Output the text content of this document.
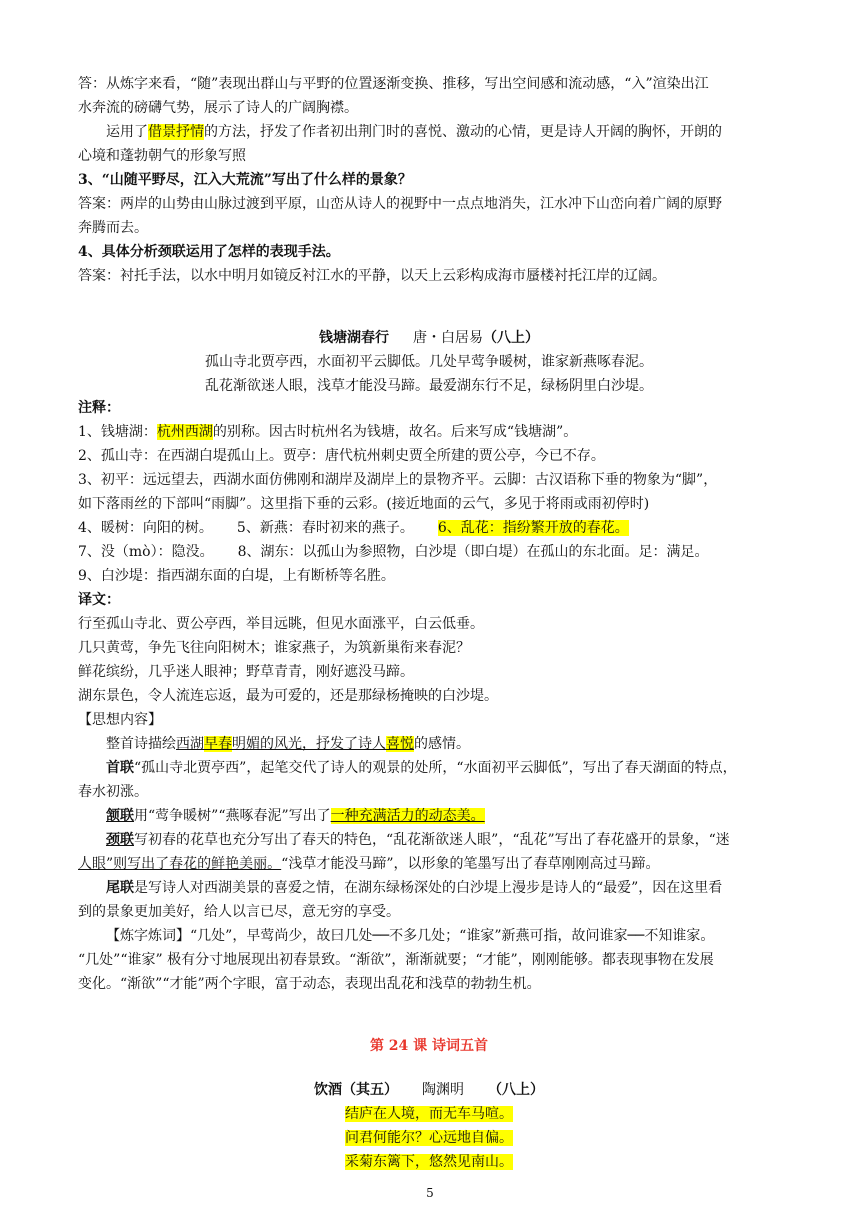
答：从炼字来看，“随”表现出群山与平野的位置逐渐变换、推移，写出空间感和流动感，“入”渲染出江

水奔流的磅礴气势，展示了诗人的广阔胸襟。

运用了借景抒情的方法，抒发了作者初出荆门时的喜悦、激动的心情，更是诗人开阔的胸怀，开朗的

心境和蓬勃朝气的形象写照

3、“山随平野尽，江入大荒流”写出了什么样的景象？

答案：两岸的山势由山脉过渡到平原，山峦从诗人的视野中一点点地消失，江水冲下山峦向着广阔的原野

奔腾而去。

4、具体分析颈联运用了怎样的表现手法。

答案：衬托手法，以水中明月如镜反衬江水的平静，以天上云彩构成海市蜃楼衬托江岸的辽阔。

钱塘湖春行 唐・白居易（八上）

孤山寺北贾亭西，水面初平云脚低。几处早莺争暖树，谁家新燕啄春泥。

乱花渐欲迷人眼，浅草才能没马蹄。最爱湖东行不足，绿杨阴里白沙堤。

注释：

1、钱塘湖：杭州西湖的别称。因古时杭州名为钱塘，故名。后来写成“钱塘湖”。

2、孤山寺：在西湖白堤孤山上。贾亭：唐代杭州刺史贾全所建的贾公亭，今已不存。

3、初平：远远望去，西湖水面仿佛刚和湖岸及湖岸上的景物齐平。云脚：古汉语称下垂的物象为“脚”，

如下落雨丝的下部叫“雨脚”。这里指下垂的云彩。(接近地面的云气，多见于将雨或雨初停时)

4、暖树：向阳的树。 5、新燕：春时初来的燕子。 6、乱花：指纷繁开放的春花。

7、没（mò）：隐没。 8、湖东：以孤山为参照物，白沙堤（即白堤）在孤山的东北面。足：满足。

9、白沙堤：指西湖东面的白堤，上有断桥等名胜。

译文：

行至孤山寺北、贾公亭西，举目远眺，但见水面涨平，白云低垂。

几只黄莺，争先飞往向阳树木；谁家燕子，为筑新巢衔来春泥？

鲜花缤纷，几乎迷人眼神；野草青青，刚好遮没马蹄。

湖东景色，令人流连忘返，最为可爱的，还是那绿杨掩映的白沙堤。

【思想内容】

整首诗描绘西湖早春明媚的风光，抒发了诗人喜悦的感情。

首联“孤山寺北贾亭西”，起笔交代了诗人的观景的处所，“水面初平云脚低”，写出了春天湖面的特点，

春水初涨。

颔联用“莺争暖树”“燕啄春泥”写出了一种充满活力的动态美。

颈联写初春的花草也充分写出了春天的特色，“乱花渐欲迷人眼”，“乱花”写出了春花盛开的景象，“迷

人眼”则写出了春花的鲜艳美丽。“浅草才能没马蹄”，以形象的笔墨写出了春草刚刚高过马蹄。

尾联是写诗人对西湖美景的喜爱之情，在湖东绿杨深处的白沙堤上漫步是诗人的“最爱”，因在这里看

到的景象更加美好，给人以言已尽，意无穷的享受。

【炼字炼词】“几处”，早莺尚少，故曰几处──不多几处；“谁家”新燕可指，故问谁家──不知谁家。

“几处”“谁家” 极有分寸地展现出初春景致。“渐欲”，渐渐就要；“才能”，刚刚能够。都表现事物在发展

变化。“渐欲”“才能”两个字眼，富于动态，表现出乱花和浅草的勃勃生机。

第 24 课 诗词五首

饮酒（其五） 陶渊明 （八上）

结庐在人境，而无车马喧。

问君何能尔？心远地自偏。

采菊东篱下，悠然见南山。

5
